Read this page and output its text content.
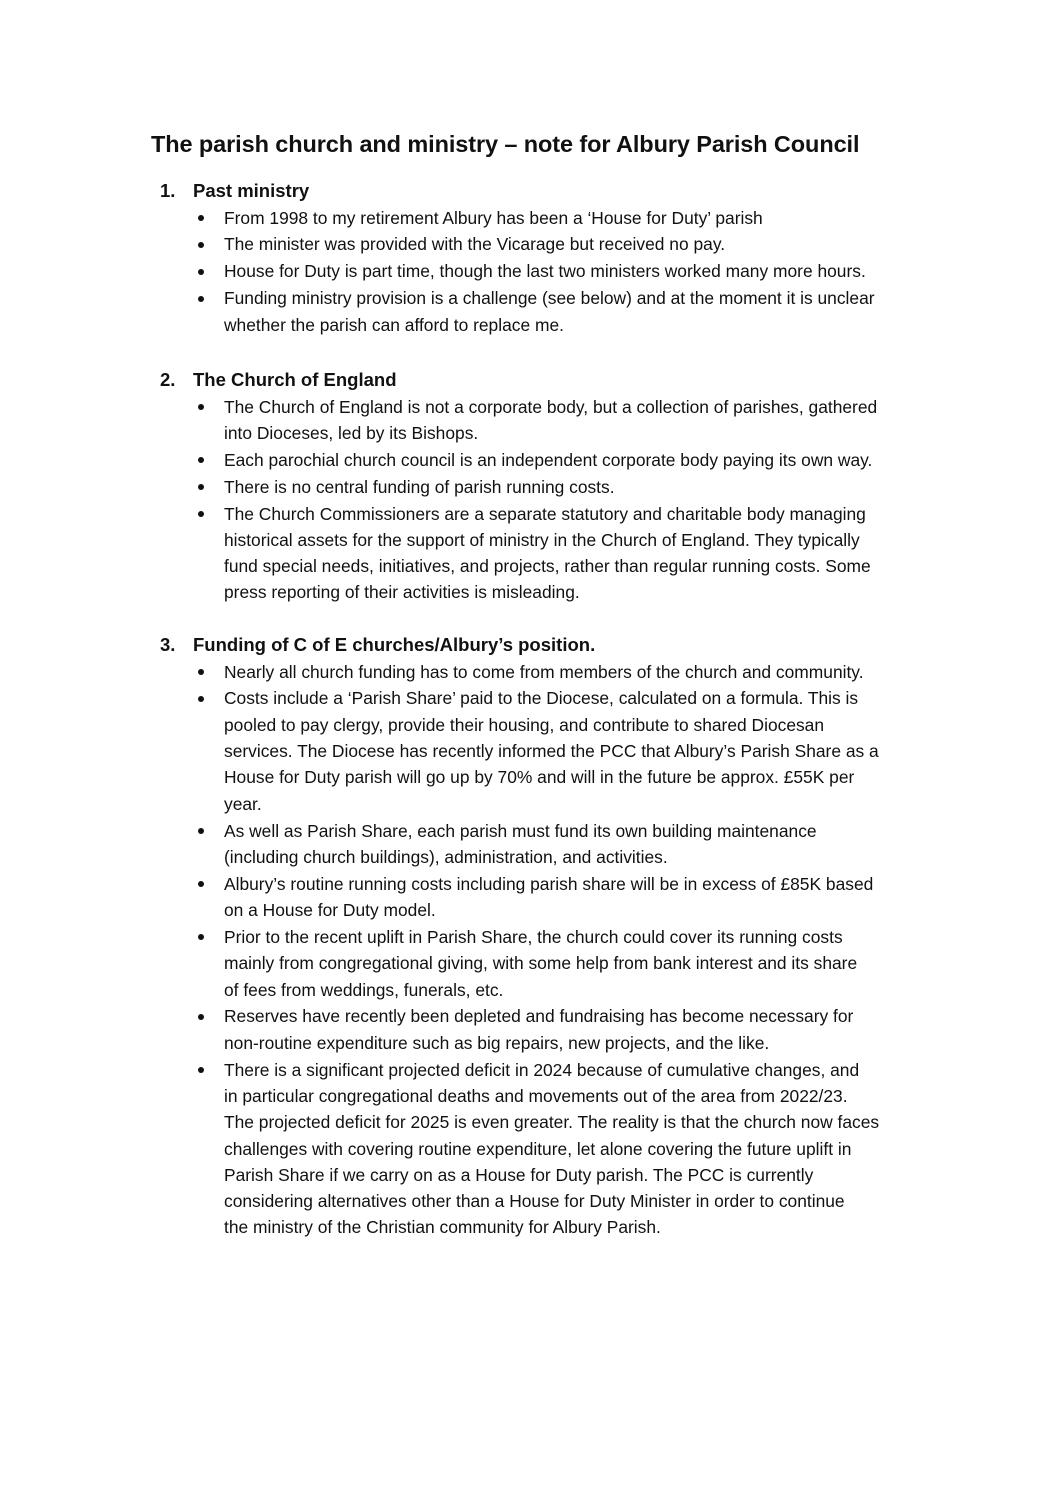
The parish church and ministry – note for Albury Parish Council
1. Past ministry
From 1998 to my retirement Albury has been a ‘House for Duty’ parish
The minister was provided with the Vicarage but received no pay.
House for Duty is part time, though the last two ministers worked many more hours.
Funding ministry provision is a challenge (see below) and at the moment it is unclear
whether the parish can afford to replace me.
2. The Church of England
The Church of England is not a corporate body, but a collection of parishes, gathered
into Dioceses, led by its Bishops.
Each parochial church council is an independent corporate body paying its own way.
There is no central funding of parish running costs.
The Church Commissioners are a separate statutory and charitable body managing
historical assets for the support of ministry in the Church of England. They typically
fund special needs, initiatives, and projects, rather than regular running costs. Some
press reporting of their activities is misleading.
3. Funding of C of E churches/Albury’s position.
Nearly all church funding has to come from members of the church and community.
Costs include a ‘Parish Share’ paid to the Diocese, calculated on a formula. This is
pooled to pay clergy, provide their housing, and contribute to shared Diocesan
services. The Diocese has recently informed the PCC that Albury’s Parish Share as a
House for Duty parish will go up by 70% and will in the future be approx. £55K per
year.
As well as Parish Share, each parish must fund its own building maintenance
(including church buildings), administration, and activities.
Albury’s routine running costs including parish share will be in excess of £85K based
on a House for Duty model.
Prior to the recent uplift in Parish Share, the church could cover its running costs
mainly from congregational giving, with some help from bank interest and its share
of fees from weddings, funerals, etc.
Reserves have recently been depleted and fundraising has become necessary for
non-routine expenditure such as big repairs, new projects, and the like.
There is a significant projected deficit in 2024 because of cumulative changes, and
in particular congregational deaths and movements out of the area from 2022/23.
The projected deficit for 2025 is even greater. The reality is that the church now faces
challenges with covering routine expenditure, let alone covering the future uplift in
Parish Share if we carry on as a House for Duty parish. The PCC is currently
considering alternatives other than a House for Duty Minister in order to continue
the ministry of the Christian community for Albury Parish.
